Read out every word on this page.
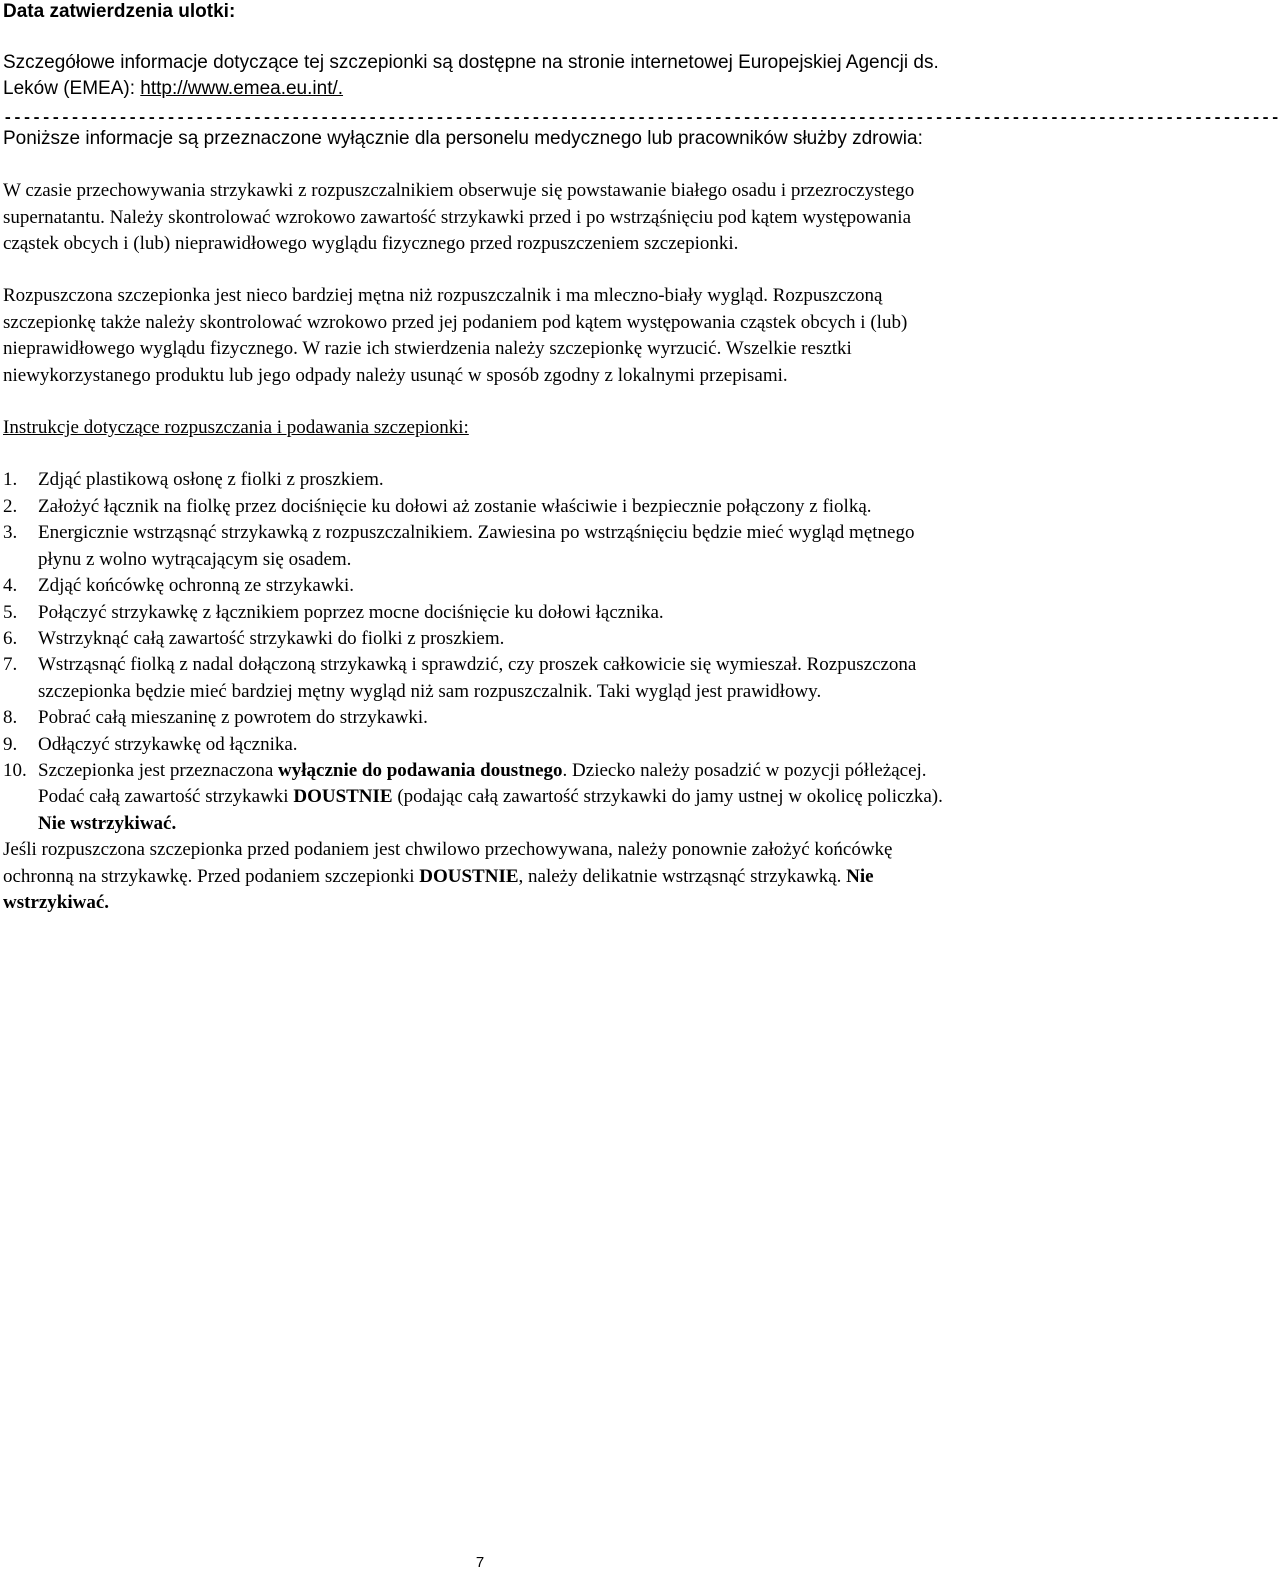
Data zatwierdzenia ulotki:

Szczegółowe informacje dotyczące tej szczepionki są dostępne na stronie internetowej Europejskiej Agencji ds. Leków (EMEA): http://www.emea.eu.int/.

-------------------------------------------------------------------------------------------------------------------------------------

Poniższe informacje są przeznaczone wyłącznie dla personelu medycznego lub pracowników służby zdrowia:

W czasie przechowywania strzykawki z rozpuszczalnikiem obserwuje się powstawanie białego osadu i przezroczystego supernatantu. Należy skontrolować wzrokowo zawartość strzykawki przed i po wstrząśnięciu pod kątem występowania cząstek obcych i (lub) nieprawidłowego wyglądu fizycznego przed rozpuszczeniem szczepionki.

Rozpuszczona szczepionka jest nieco bardziej mętna niż rozpuszczalnik i ma mleczno-biały wygląd. Rozpuszczoną szczepionkę także należy skontrolować wzrokowo przed jej podaniem pod kątem występowania cząstek obcych i (lub) nieprawidłowego wyglądu fizycznego. W razie ich stwierdzenia należy szczepionkę wyrzucić. Wszelkie resztki niewykorzystanego produktu lub jego odpady należy usunąć w sposób zgodny z lokalnymi przepisami.

Instrukcje dotyczące rozpuszczania i podawania szczepionki:

1. Zdjąć plastikową osłonę z fiolki z proszkiem.
2. Założyć łącznik na fiolkę przez dociśnięcie ku dołowi aż zostanie właściwie i bezpiecznie połączony z fiolką.
3. Energicznie wstrząsnąć strzykawką z rozpuszczalnikiem. Zawiesina po wstrząśnięciu będzie mieć wygląd mętnego płynu z wolno wytrącającym się osadem.
4. Zdjąć końcówkę ochronną ze strzykawki.
5. Połączyć strzykawkę z łącznikiem poprzez mocne dociśnięcie ku dołowi łącznika.
6. Wstrzyknąć całą zawartość strzykawki do fiolki z proszkiem.
7. Wstrząsnąć fiolką z nadal dołączoną strzykawką i sprawdzić, czy proszek całkowicie się wymieszał. Rozpuszczona szczepionka będzie mieć bardziej mętny wygląd niż sam rozpuszczalnik. Taki wygląd jest prawidłowy.
8. Pobrać całą mieszaninę z powrotem do strzykawki.
9. Odłączyć strzykawkę od łącznika.
10. Szczepionka jest przeznaczona wyłącznie do podawania doustnego. Dziecko należy posadzić w pozycji półleżącej. Podać całą zawartość strzykawki DOUSTNIE (podając całą zawartość strzykawki do jamy ustnej w okolicę policzka). Nie wstrzykiwać.

Jeśli rozpuszczona szczepionka przed podaniem jest chwilowo przechowywana, należy ponownie założyć końcówkę ochronną na strzykawkę. Przed podaniem szczepionki DOUSTNIE, należy delikatnie wstrząsnąć strzykawką. Nie wstrzykiwać.

7
